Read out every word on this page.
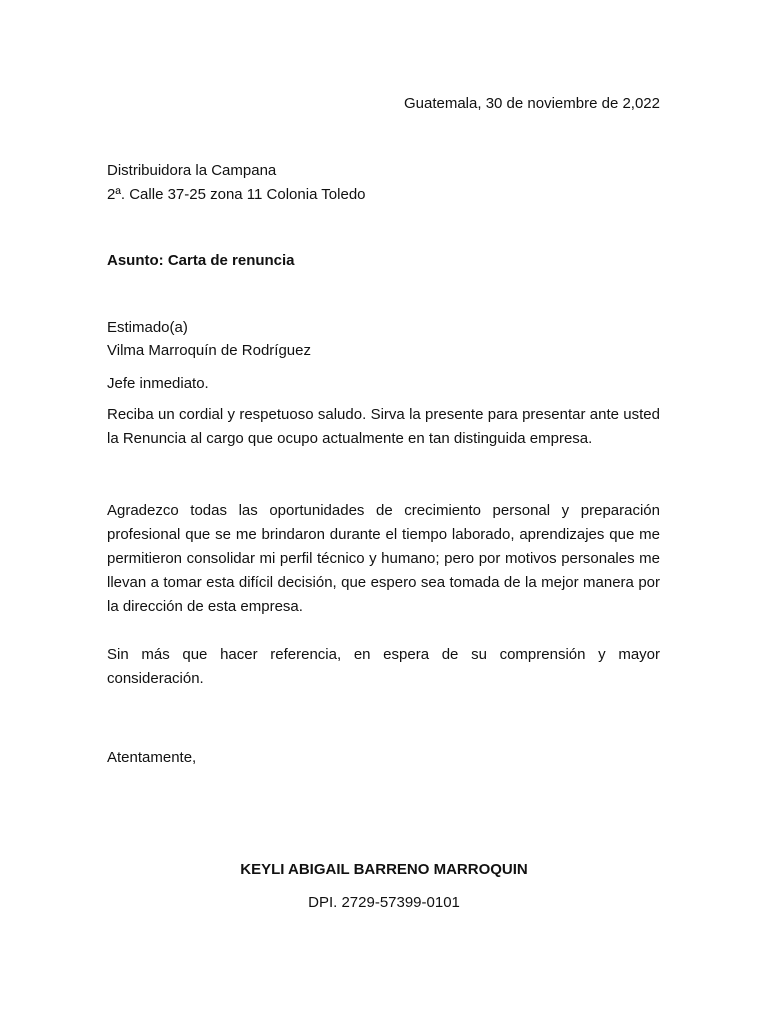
Guatemala, 30 de noviembre de 2,022
Distribuidora la Campana
2ª. Calle 37-25 zona 11 Colonia Toledo
Asunto: Carta de renuncia
Estimado(a)
Vilma Marroquín de Rodríguez
Jefe inmediato.
Reciba un cordial y respetuoso saludo. Sirva la presente para presentar ante usted la Renuncia al cargo que ocupo actualmente en tan distinguida empresa.
Agradezco todas las oportunidades de crecimiento personal y preparación profesional que se me brindaron durante el tiempo laborado, aprendizajes que me permitieron consolidar mi perfil técnico y humano; pero por motivos personales me llevan a tomar esta difícil decisión, que espero sea tomada de la mejor manera por la dirección de esta empresa.
Sin más que hacer referencia, en espera de su comprensión y mayor consideración.
Atentamente,
KEYLI ABIGAIL BARRENO MARROQUIN
DPI. 2729-57399-0101
